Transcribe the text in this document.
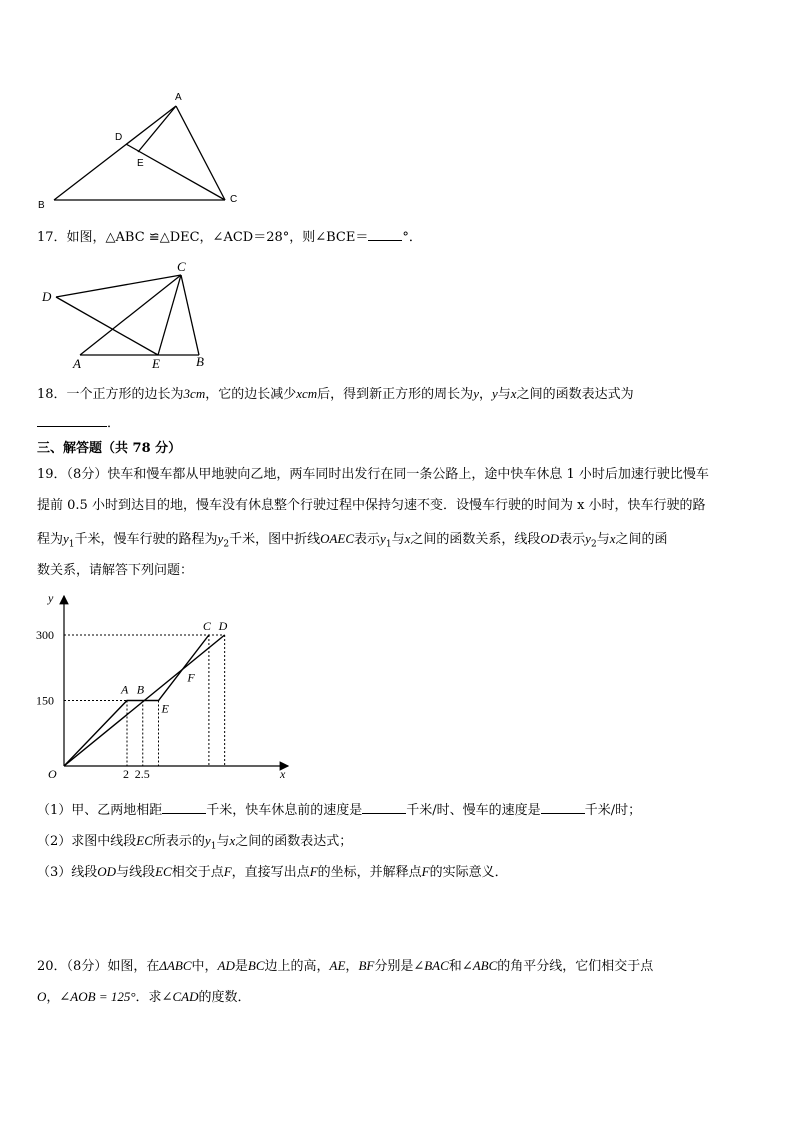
A
B
C
D
E
17．如图，△ABC ≌△DEC，∠ACD＝28°，则∠BCE＝	°．
C
D
A	E	B
18．一个正方形的边长为3cm，它的边长减少xcm后，得到新正方形的周长为y，y与x之间的函数表达式为
．
三、解答题（共 78 分）
19．（8分）快车和慢车都从甲地驶向乙地，两车同时出发行在同一条公路上，途中快车休息 1 小时后加速行驶比慢车
提前 0.5 小时到达目的地，慢车没有休息整个行驶过程中保持匀速不变．设慢车行驶的时间为 x 小时，快车行驶的路
程为$y_1$千米，慢车行驶的路程为$y_2$千米，图中折线OAEC表示$y_1$与x之间的函数关系，线段OD表示$y_2$与x之间的函
数关系，请解答下列问题：
x
y
O
150
300
2 2.5
A B
E
F
C D
（1）甲、乙两地相距	千米，快车休息前的速度是	千米/时、慢车的速度是	千米/时；
（2）求图中线段EC所表示的$y_1$与x之间的函数表达式；
（3）线段OD与线段EC相交于点F，直接写出点F的坐标，并解释点F的实际意义．
20．（8分）如图，在ΔABC中，AD是BC边上的高，AE，BF分别是∠BAC和∠ABC的角平分线，它们相交于点
O，∠AOB = 125°．求∠CAD的度数．
